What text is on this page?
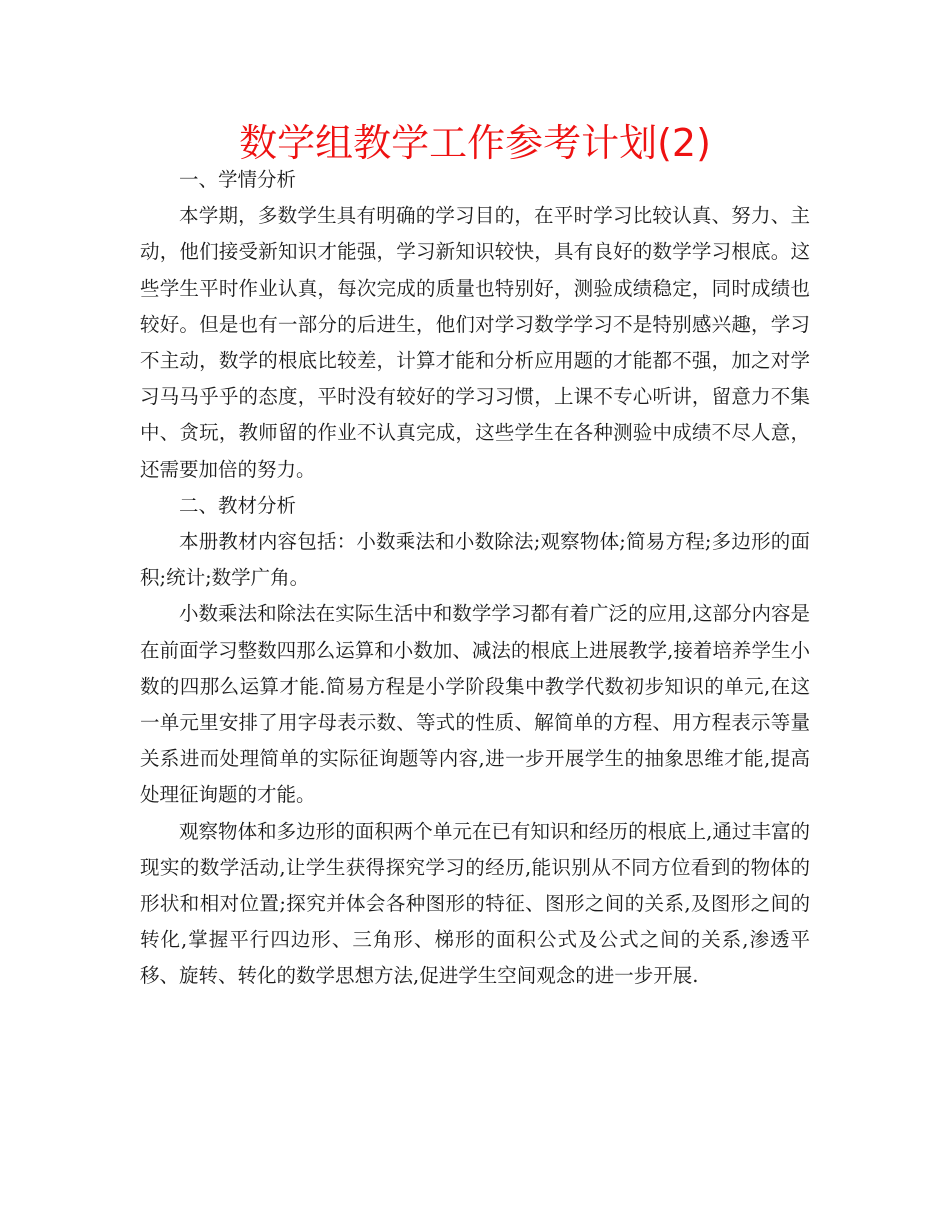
数学组教学工作参考计划(2)

一、学情分析

本学期，多数学生具有明确的学习目的，在平时学习比较认真、努力、主动，他们接受新知识才能强，学习新知识较快，具有良好的数学学习根底。这些学生平时作业认真，每次完成的质量也特别好，测验成绩稳定，同时成绩也较好。但是也有一部分的后进生，他们对学习数学学习不是特别感兴趣，学习不主动，数学的根底比较差，计算才能和分析应用题的才能都不强，加之对学习马马乎乎的态度，平时没有较好的学习习惯，上课不专心听讲，留意力不集中、贪玩，教师留的作业不认真完成，这些学生在各种测验中成绩不尽人意，还需要加倍的努力。

二、教材分析

本册教材内容包括：小数乘法和小数除法;观察物体;简易方程;多边形的面积;统计;数学广角。

小数乘法和除法在实际生活中和数学学习都有着广泛的应用,这部分内容是在前面学习整数四那么运算和小数加、减法的根底上进展教学,接着培养学生小数的四那么运算才能.简易方程是小学阶段集中教学代数初步知识的单元,在这一单元里安排了用字母表示数、等式的性质、解简单的方程、用方程表示等量关系进而处理简单的实际征询题等内容,进一步开展学生的抽象思维才能,提高处理征询题的才能。

观察物体和多边形的面积两个单元在已有知识和经历的根底上,通过丰富的现实的数学活动,让学生获得探究学习的经历,能识别从不同方位看到的物体的形状和相对位置;探究并体会各种图形的特征、图形之间的关系,及图形之间的转化,掌握平行四边形、三角形、梯形的面积公式及公式之间的关系,渗透平移、旋转、转化的数学思想方法,促进学生空间观念的进一步开展.
